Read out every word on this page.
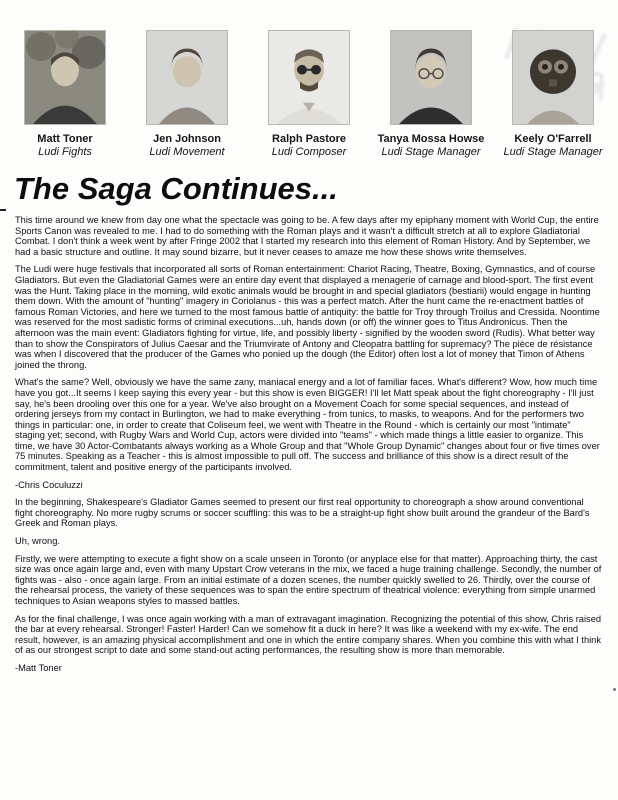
Matt Toner
Ludi Fights
Jen Johnson
Ludi Movement
Ralph Pastore
Ludi Composer
Tanya Mossa Howse
Ludi Stage Manager
Keely O'Farrell
Ludi Stage Manager
The Saga Continues...

This time around we knew from day one what the spectacle was going to be. A few days after my epiphany moment with World Cup, the entire Sports Canon was revealed to me. I had to do something with the Roman plays and it wasn't a difficult stretch at all to explore Gladiatorial Combat. I don't think a week went by after Fringe 2002 that I started my research into this element of Roman History. And by September, we had a basic structure and outline. It may sound bizarre, but it never ceases to amaze me how these shows write themselves.

The Ludi were huge festivals that incorporated all sorts of Roman entertainment: Chariot Racing, Theatre, Boxing, Gymnastics, and of course Gladiators. But even the Gladiatorial Games were an entire day event that displayed a menagerie of carnage and blood-sport. The first event was the Hunt. Taking place in the morning, wild exotic animals would be brought in and special gladiators (bestiarii) would engage in hunting them down. With the amount of "hunting" imagery in Coriolanus - this was a perfect match. After the hunt came the re-enactment battles of famous Roman Victories, and here we turned to the most famous battle of antiquity: the battle for Troy through Troilus and Cressida. Noontime was reserved for the most sadistic forms of criminal executions...uh, hands down (or off) the winner goes to Titus Andronicus. Then the afternoon was the main event: Gladiators fighting for virtue, life, and possibly liberty - signified by the wooden sword (Rudis). What better way than to show the Conspirators of Julius Caesar and the Triumvirate of Antony and Cleopatra battling for supremacy? The pièce de résistance was when I discovered that the producer of the Games who ponied up the dough (the Editor) often lost a lot of money that Timon of Athens joined the throng.

What's the same? Well, obviously we have the same zany, maniacal energy and a lot of familiar faces. What's different? Wow, how much time have you got...It seems I keep saying this every year - but this show is even BIGGER! I'll let Matt speak about the fight choreography - I'll just say, he's been drooling over this one for a year. We've also brought on a Movement Coach for some special sequences, and instead of ordering jerseys from my contact in Burlington, we had to make everything - from tunics, to masks, to weapons. And for the performers two things in particular: one, in order to create that Coliseum feel, we went with Theatre in the Round - which is certainly our most "intimate" staging yet; second, with Rugby Wars and World Cup, actors were divided into "teams" - which made things a little easier to organize. This time, we have 30 Actor-Combatants always working as a Whole Group and that "Whole Group Dynamic" changes about four or five times over 75 minutes. Speaking as a Teacher - this is almost impossible to pull off. The success and brilliance of this show is a direct result of the commitment, talent and positive energy of the participants involved.

-Chris Coculuzzi

In the beginning, Shakespeare's Gladiator Games seemed to present our first real opportunity to choreograph a show around conventional fight choreography. No more rugby scrums or soccer scuffling: this was to be a straight-up fight show built around the grandeur of the Bard's Greek and Roman plays.

Uh, wrong.

Firstly, we were attempting to execute a fight show on a scale unseen in Toronto (or anyplace else for that matter). Approaching thirty, the cast size was once again large and, even with many Upstart Crow veterans in the mix, we faced a huge training challenge. Secondly, the number of fights was - also - once again large. From an initial estimate of a dozen scenes, the number quickly swelled to 26. Thirdly, over the course of the rehearsal process, the variety of these sequences was to span the entire spectrum of theatrical violence: everything from simple unarmed techniques to Asian weapons styles to massed battles.

As for the final challenge, I was once again working with a man of extravagant imagination. Recognizing the potential of this show, Chris raised the bar at every rehearsal. Stronger! Faster! Harder! Can we somehow fit a duck in here? It was like a weekend with my ex-wife. The end result, however, is an amazing physical accomplishment and one in which the entire company shares. When you combine this with what I think of as our strongest script to date and some stand-out acting performances, the resulting show is more than memorable.

-Matt Toner
